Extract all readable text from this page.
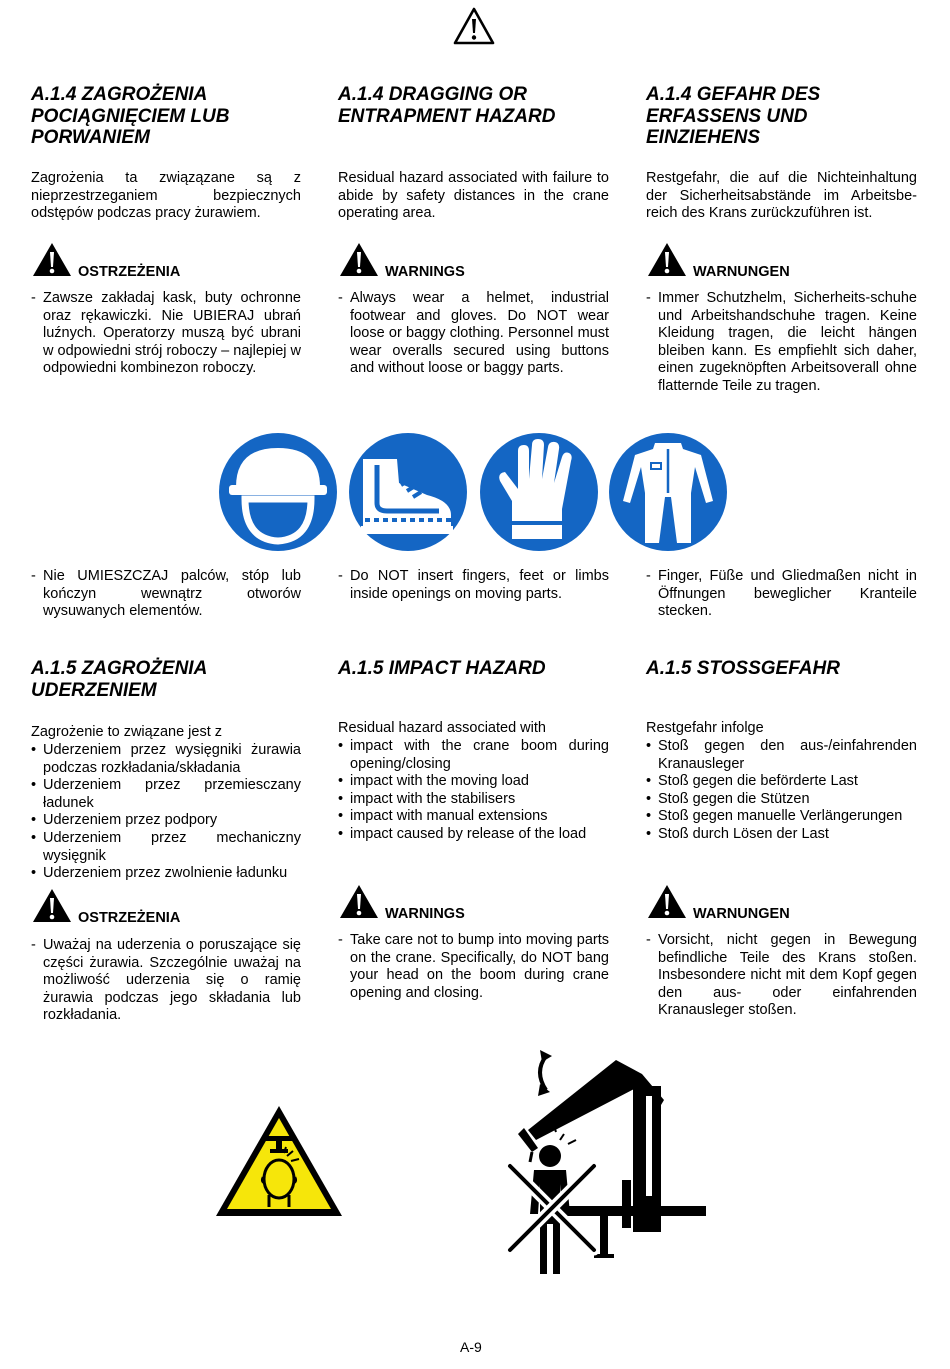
A.1.4 ZAGROŻENIA POCIĄGNIĘCIEM LUB PORWANIEM
A.1.4 DRAGGING OR ENTRAPMENT HAZARD
A.1.4 GEFAHR DES ERFASSENS UND EINZIEHENS

Zagrożenia ta związązane są z nieprzestrzeganiem bezpiecznych odstępów podczas pracy żurawiem.

Residual hazard associated with failure to abide by safety distances in the crane operating area.

Restgefahr, die auf die Nichteinhaltung der Sicherheitsabstände im Arbeitsbe-reich des Krans zurückzuführen ist.

OSTRZEŻENIA	WARNINGS	WARNUNGEN
- Zawsze zakładaj kask, buty ochronne oraz rękawiczki. Nie UBIERAJ ubrań luźnych. Operatorzy muszą być ubrani w odpowiedni strój roboczy – najlepiej w odpowiedni kombinezon roboczy.
- Always wear a helmet, industrial footwear and gloves. Do NOT wear loose or baggy clothing. Personnel must wear overalls secured using buttons and without loose or baggy parts.
- Immer Schutzhelm, Sicherheits-schuhe und Arbeitshandschuhe tragen. Keine Kleidung tragen, die leicht hängen bleiben kann. Es empfiehlt sich daher, einen zugeknöpften Arbeitsoverall ohne flatternde Teile zu tragen.
- Nie UMIESZCZAJ palców, stóp lub kończyn wewnątrz otworów wysuwanych elementów.
- Do NOT insert fingers, feet or limbs inside openings on moving parts.
- Finger, Füße und Gliedmaßen nicht in Öffnungen beweglicher Kranteile stecken.
A.1.5 ZAGROŻENIA UDERZENIEM
A.1.5 IMPACT HAZARD	A.1.5 STOSSGEFAHR

Zagrożenie to związane jest z	Residual hazard associated with	Restgefahr infolge

• Uderzeniem przez wysięgniki żurawia podczas rozkładania/składania
• Uderzeniem przez przemiesczany ładunek
• Uderzeniem przez podpory
• Uderzeniem przez mechaniczny wysięgnik
• Uderzeniem przez zwolnienie ładunku
• impact with the crane boom during opening/closing
• impact with the moving load
• impact with the stabilisers
• impact with manual extensions
• impact caused by release of the load
• Stoß gegen den aus-/einfahrenden Kranausleger
• Stoß gegen die beförderte Last
• Stoß gegen die Stützen
• Stoß gegen manuelle Verlängerungen
• Stoß durch Lösen der Last
OSTRZEŻENIA	WARNINGS	WARNUNGEN
- Uważaj na uderzenia o poruszające się części żurawia. Szczególnie uważaj na możliwość uderzenia się o ramię żurawia podczas jego składania lub rozkładania.
- Take care not to bump into moving parts on the crane. Specifically, do NOT bang your head on the boom during crane opening and closing.
- Vorsicht, nicht gegen in Bewegung befindliche Teile des Krans stoßen. Insbesondere nicht mit dem Kopf gegen den aus- oder einfahrenden Kranausleger stoßen.
A-9
